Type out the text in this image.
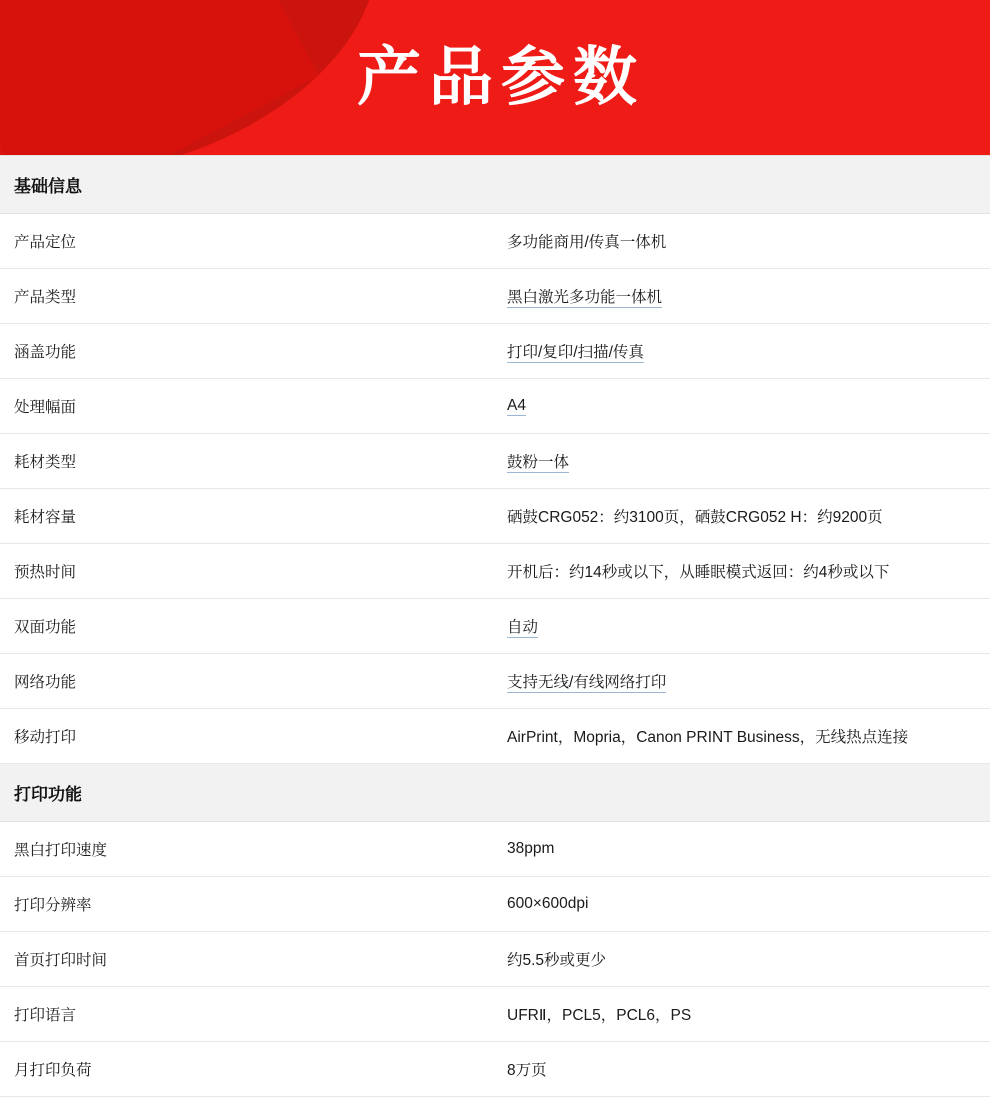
产品参数
基础信息	
产品定位	多功能商用/传真一体机
产品类型	黑白激光多功能一体机
涵盖功能	打印/复印/扫描/传真
处理幅面	A4
耗材类型	鼓粉一体
耗材容量	硒鼓CRG052：约3100页，硒鼓CRG052 H：约9200页
预热时间	开机后：约14秒或以下，从睡眠模式返回：约4秒或以下
双面功能	自动
网络功能	支持无线/有线网络打印
移动打印	AirPrint，Mopria，Canon PRINT Business，无线热点连接
打印功能	
黑白打印速度	38ppm
打印分辨率	600×600dpi
首页打印时间	约5.5秒或更少
打印语言	UFRⅡ，PCL5，PCL6，PS
月打印负荷	8万页
